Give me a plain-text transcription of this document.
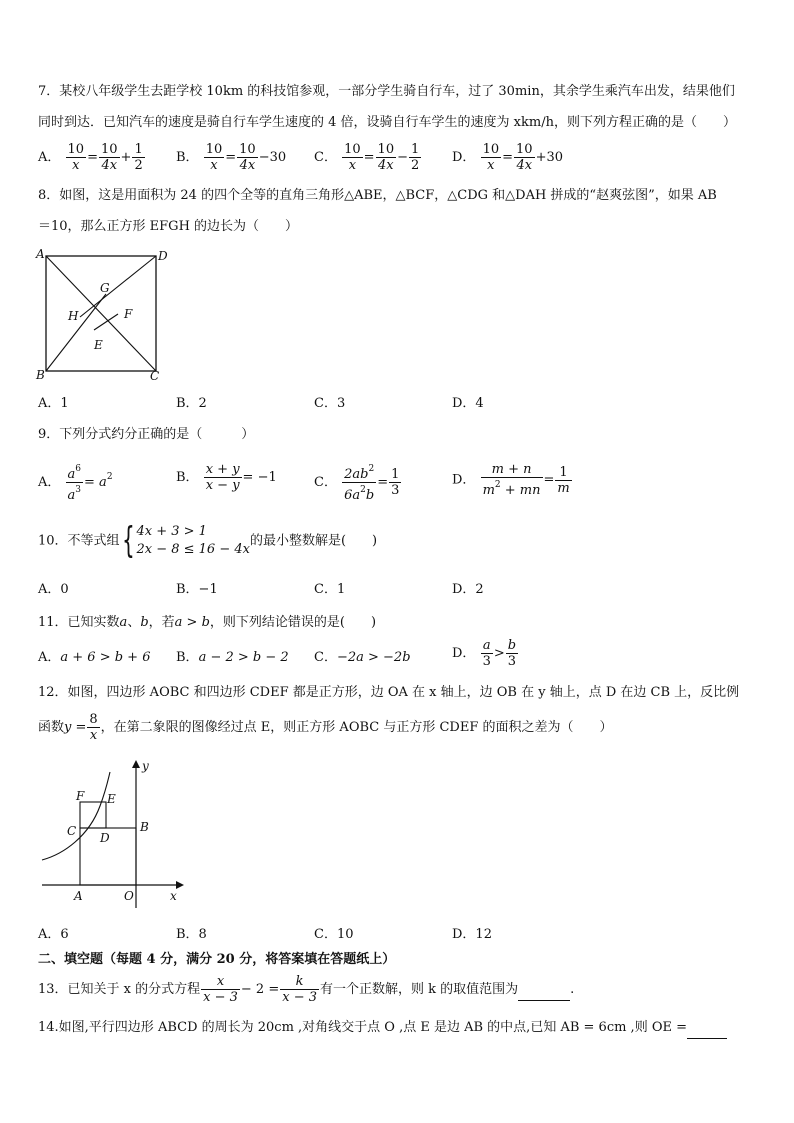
7．某校八年级学生去距学校 10km 的科技馆参观，一部分学生骑自行车，过了 30min，其余学生乘汽车出发，结果他们
同时到达．已知汽车的速度是骑自行车学生速度的 4 倍，设骑自行车学生的速度为 xkm/h，则下列方程正确的是（　　）
A． $\frac{10}{x} = \frac{10}{4x} + \frac{1}{2}$ B． $\frac{10}{x} = \frac{10}{4x} -30$ C． $\frac{10}{x} = \frac{10}{4x} - \frac{1}{2}$ D． $\frac{10}{x} = \frac{10}{4x} +30$
8．如图，这是用面积为 24 的四个全等的直角三角形△ABE，△BCF，△CDG 和△DAH 拼成的“赵爽弦图”，如果 AB
＝10，那么正方形 EFGH 的边长为（　　）
A	D
B	C
G
H	F
E
A．1	B．2	C．3	D．4
9．下列分式约分正确的是（　　　）
A． $\frac{a^6}{a^3} = a^2$	B． $\frac{x + y}{x - y} = -1$	C． $\frac{2ab^2}{6a^2b} = \frac{1}{3}$	D． $\frac{m + n}{m^2 + mn} = \frac{1}{m}$
10．不等式组{ 4x + 3 > 1
2x − 8 ≤ 16 − 4x
的最小整数解是(　　)
A．0	B．−1	C．1	D．2
11．已知实数a、b，若a > b，则下列结论错误的是(　　)
A．a + 6 > b + 6 B．a − 2 > b − 2 C．−2a > −2b	D． $\frac{a}{3} > \frac{b}{3}$
12．如图，四边形 AOBC 和四边形 CDEF 都是正方形，边 OA 在 x 轴上，边 OB 在 y 轴上，点 D 在边 CB 上，反比例
函数$y = \frac{8}{x}$ ，在第二象限的图像经过点 E，则正方形 AOBC 与正方形 CDEF 的面积之差为（　　）
y
x
O
A
B
C D
E
F
A．6	B．8	C．10	D．12
二、填空题（每题 4 分，满分 20 分，将答案填在答题纸上）
13．已知关于 x 的分式方程 $\frac{x}{x - 3} - 2 = \frac{k}{x - 3}$ 有一个正数解，则 k 的取值范围为	.
14.如图,平行四边形 ABCD 的周长为 20cm ,对角线交于点 O ,点 E 是边 AB 的中点,已知 AB = 6cm ,则 OE =
